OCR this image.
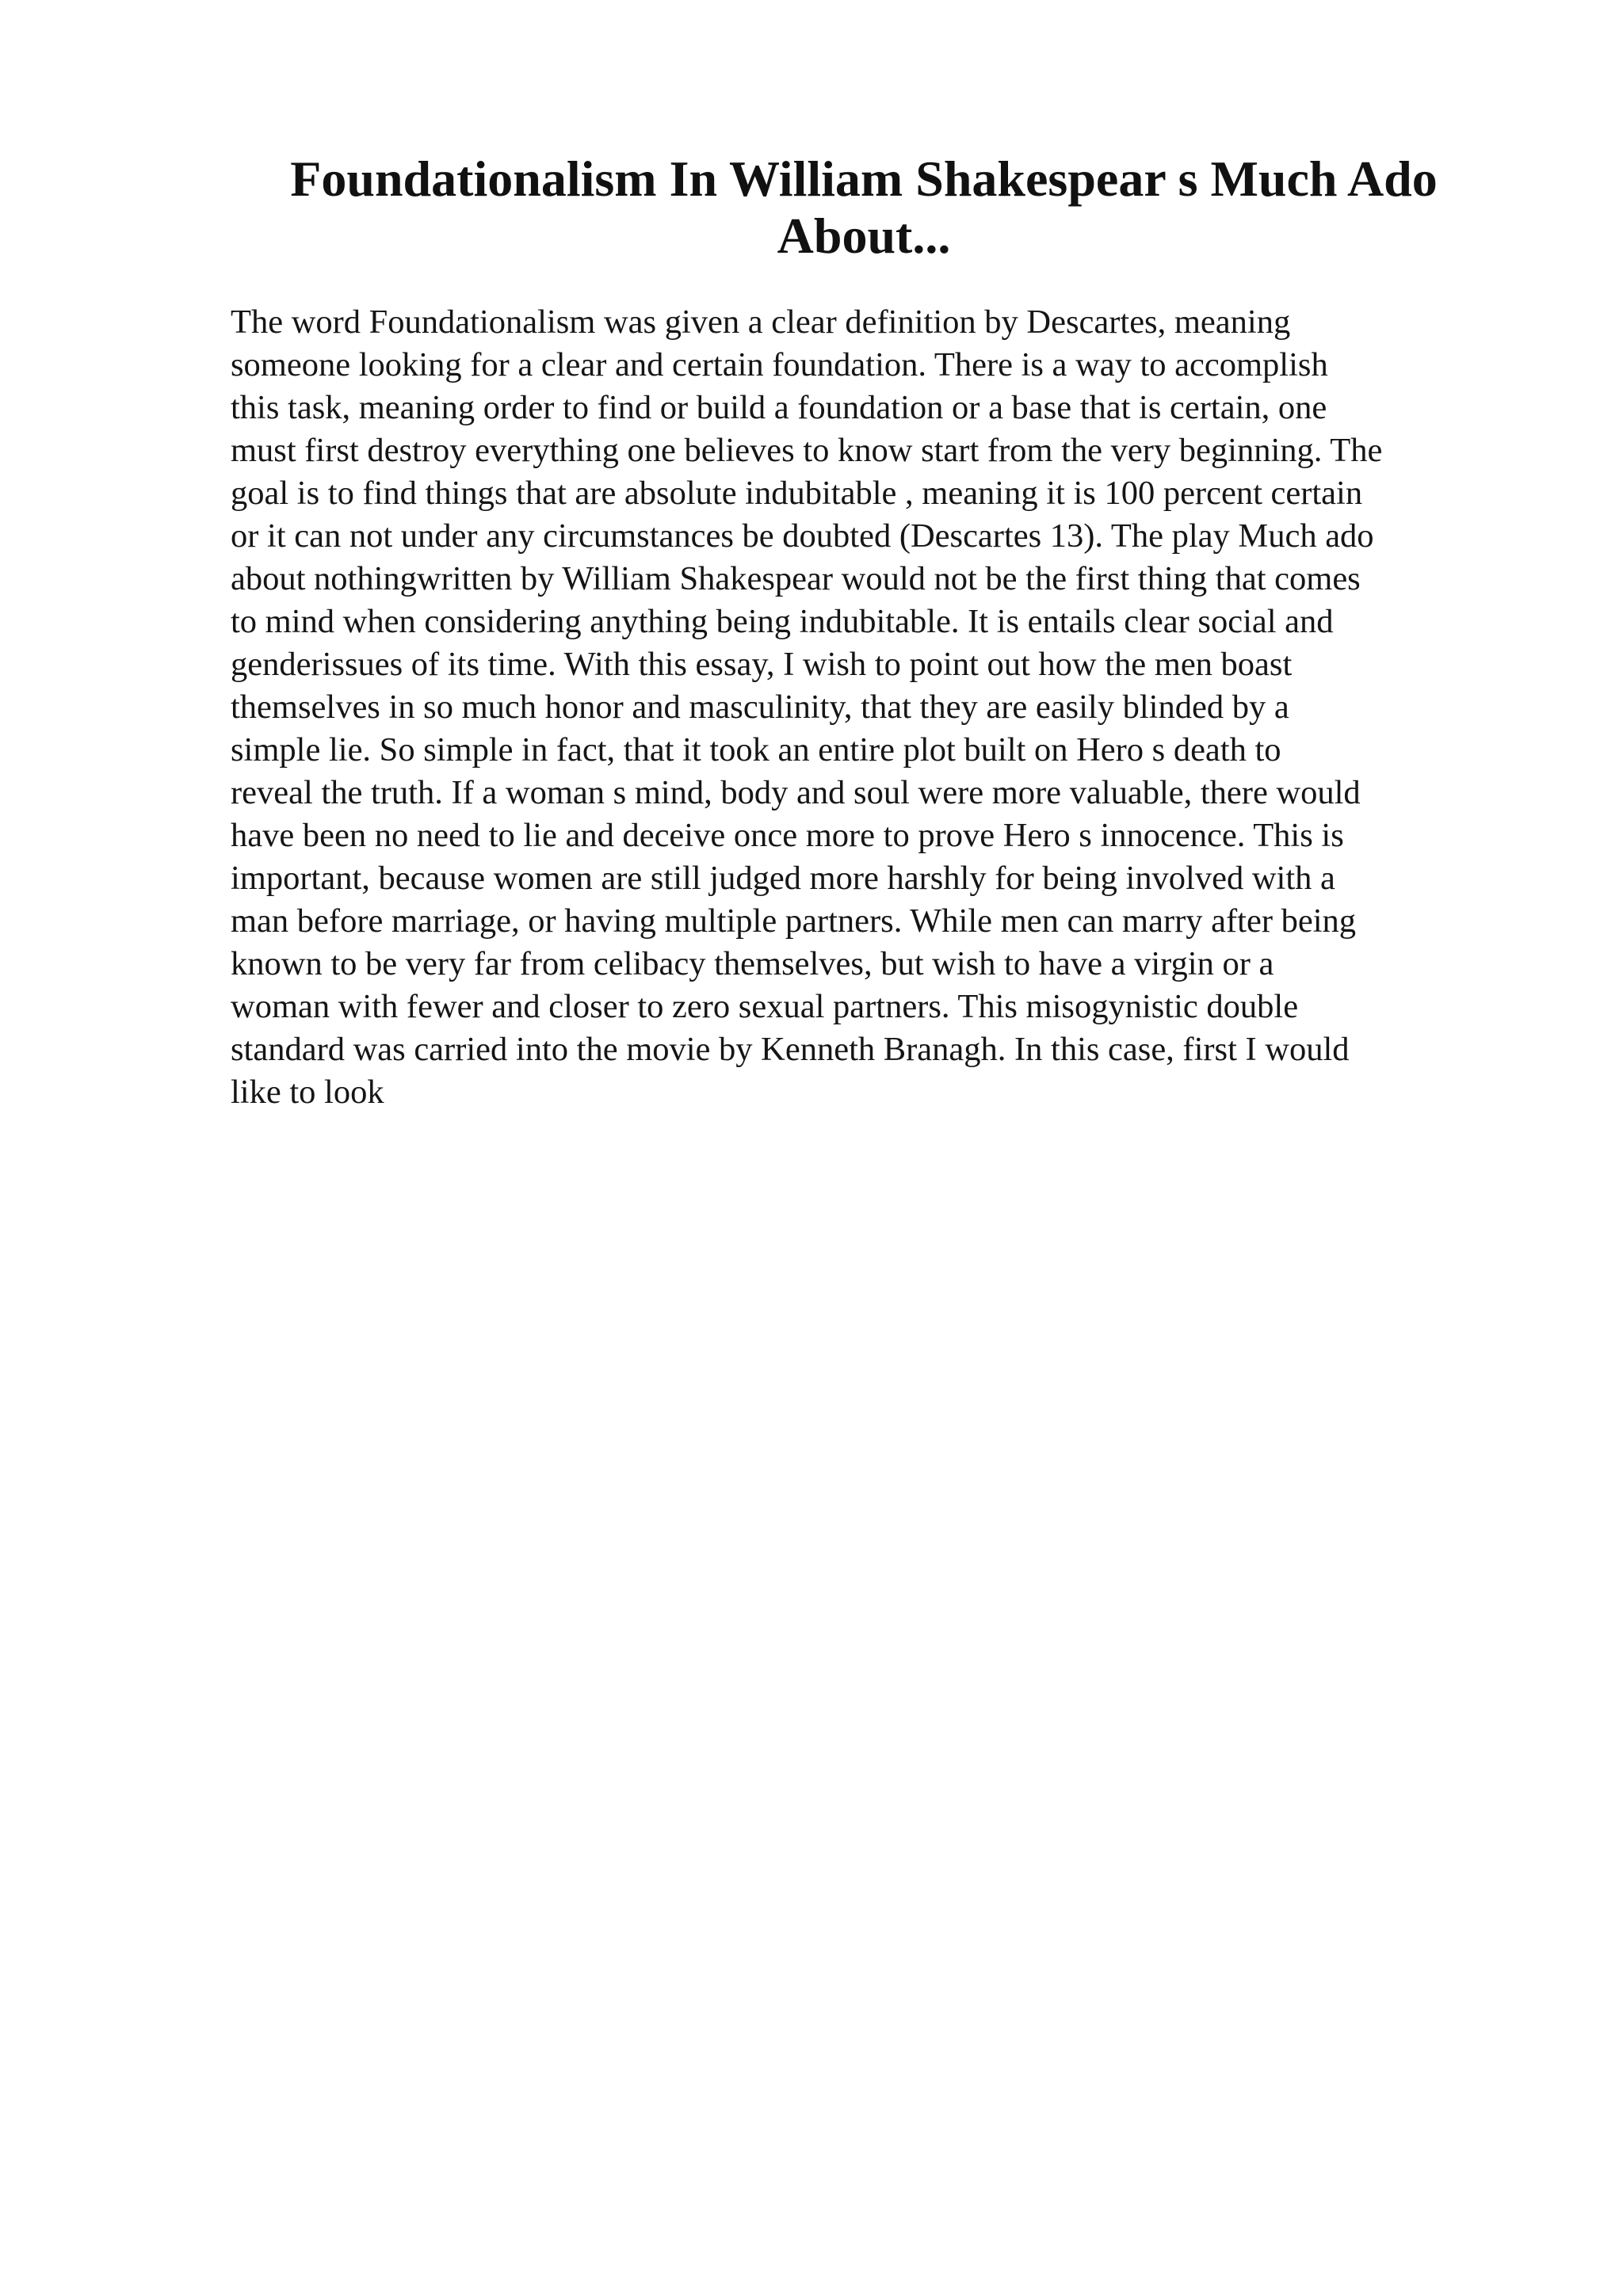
Foundationalism In William Shakespear s Much Ado
About...
The word Foundationalism was given a clear definition by Descartes, meaning
someone looking for a clear and certain foundation. There is a way to accomplish
this task, meaning order to find or build a foundation or a base that is certain, one
must first destroy everything one believes to know start from the very beginning. The
goal is to find things that are absolute indubitable , meaning it is 100 percent certain
or it can not under any circumstances be doubted (Descartes 13). The play Much ado
about nothingwritten by William Shakespear would not be the first thing that comes
to mind when considering anything being indubitable. It is entails clear social and
genderissues of its time. With this essay, I wish to point out how the men boast
themselves in so much honor and masculinity, that they are easily blinded by a
simple lie. So simple in fact, that it took an entire plot built on Hero s death to
reveal the truth. If a woman s mind, body and soul were more valuable, there would
have been no need to lie and deceive once more to prove Hero s innocence. This is
important, because women are still judged more harshly for being involved with a
man before marriage, or having multiple partners. While men can marry after being
known to be very far from celibacy themselves, but wish to have a virgin or a
woman with fewer and closer to zero sexual partners. This misogynistic double
standard was carried into the movie by Kenneth Branagh. In this case, first I would
like to look
